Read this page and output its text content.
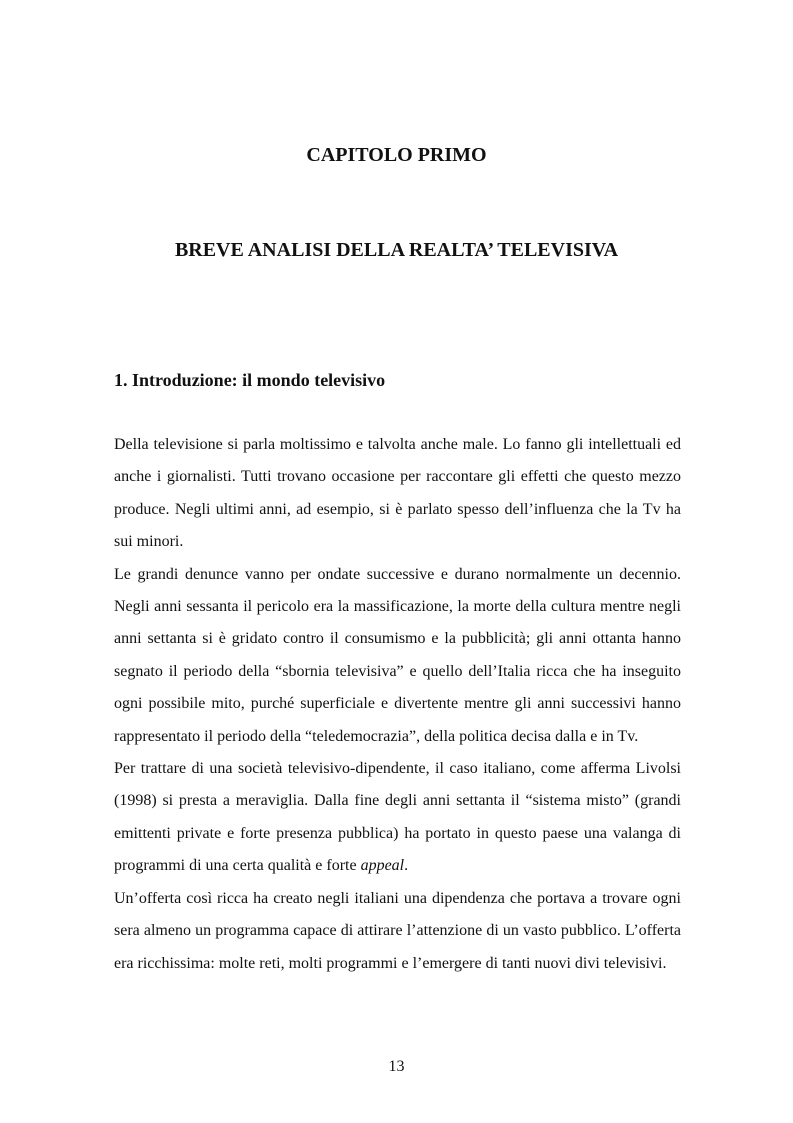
CAPITOLO PRIMO
BREVE ANALISI DELLA REALTA’ TELEVISIVA
1. Introduzione: il mondo televisivo

Della televisione si parla moltissimo e talvolta anche male. Lo fanno gli intellettuali ed anche i giornalisti. Tutti trovano occasione per raccontare gli effetti che questo mezzo produce. Negli ultimi anni, ad esempio, si è parlato spesso dell’influenza che la Tv ha sui minori.

Le grandi denunce vanno per ondate successive e durano normalmente un decennio. Negli anni sessanta il pericolo era la massificazione, la morte della cultura mentre negli anni settanta si è gridato contro il consumismo e la pubblicità; gli anni ottanta hanno segnato il periodo della “sbornia televisiva” e quello dell’Italia ricca che ha inseguito ogni possibile mito, purché superficiale e divertente mentre gli anni successivi hanno rappresentato il periodo della “teledemocrazia”, della politica decisa dalla e in Tv.

Per trattare di una società televisivo-dipendente, il caso italiano, come afferma Livolsi (1998) si presta a meraviglia. Dalla fine degli anni settanta il “sistema misto” (grandi emittenti private e forte presenza pubblica) ha portato in questo paese una valanga di programmi di una certa qualità e forte appeal.

Un’offerta così ricca ha creato negli italiani una dipendenza che portava a trovare ogni sera almeno un programma capace di attirare l’attenzione di un vasto pubblico. L’offerta era ricchissima: molte reti, molti programmi e l’emergere di tanti nuovi divi televisivi.

13
